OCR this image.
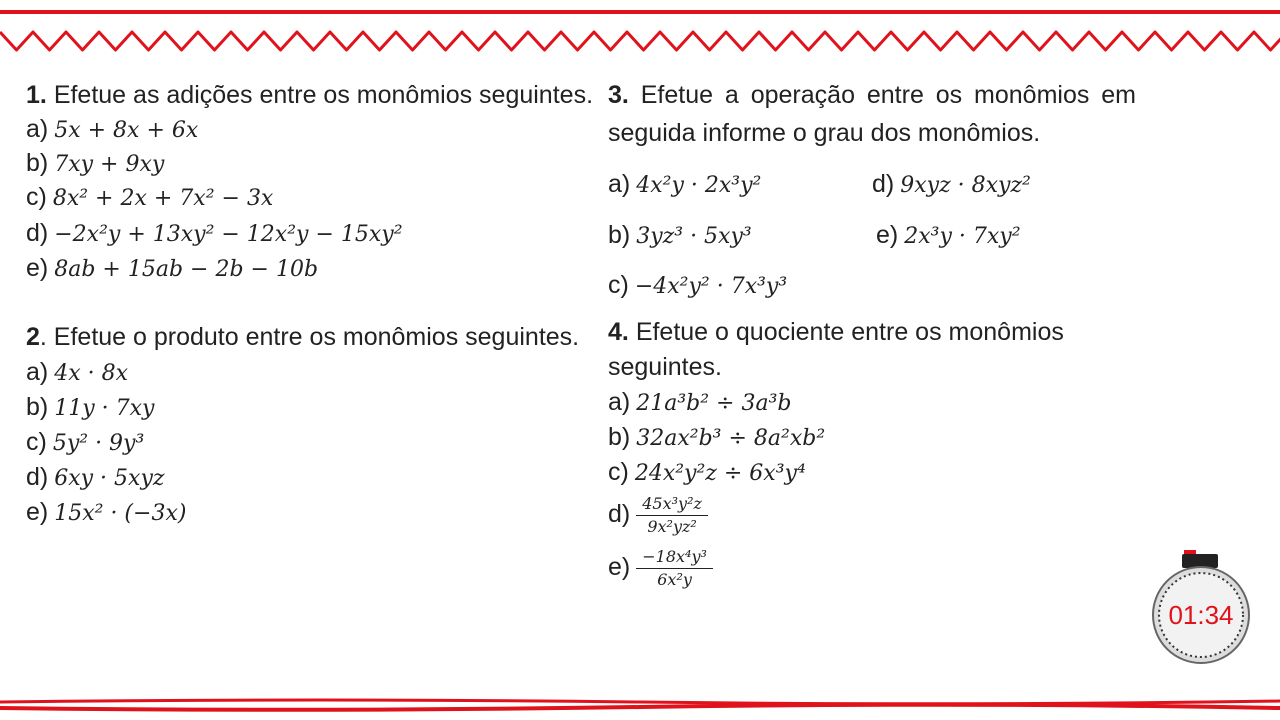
1. Efetue as adições entre os monômios seguintes.
a) 5x + 8x + 6x
b) 7xy + 9xy
c) 8x² + 2x + 7x² − 3x
d) −2x²y + 13xy² − 12x²y − 15xy²
e) 8ab + 15ab − 2b − 10b
2. Efetue o produto entre os monômios seguintes.
a) 4x · 8x
b) 11y · 7xy
c) 5y² · 9y³
d) 6xy · 5xyz
e) 15x² · (−3x)
3. Efetue a operação entre os monômios em
seguida informe o grau dos monômios.
a) 4x²y · 2x³y²	d) 9xyz · 8xyz²
b) 3yz³ · 5xy³	e) 2x³y · 7xy²
c) −4x²y² · 7x³y³
4. Efetue o quociente entre os monômios
seguintes.
a) 21a³b² ÷ 3a³b
b) 32ax²b³ ÷ 8a²xb²
c) 24x²y²z ÷ 6x³y⁴
$d) \frac{\text{45x³y²z}}{\text{9x²yz²}}$
$e) \frac{\text{−18x⁴y³}}{\text{6x²y}}$
01:34
